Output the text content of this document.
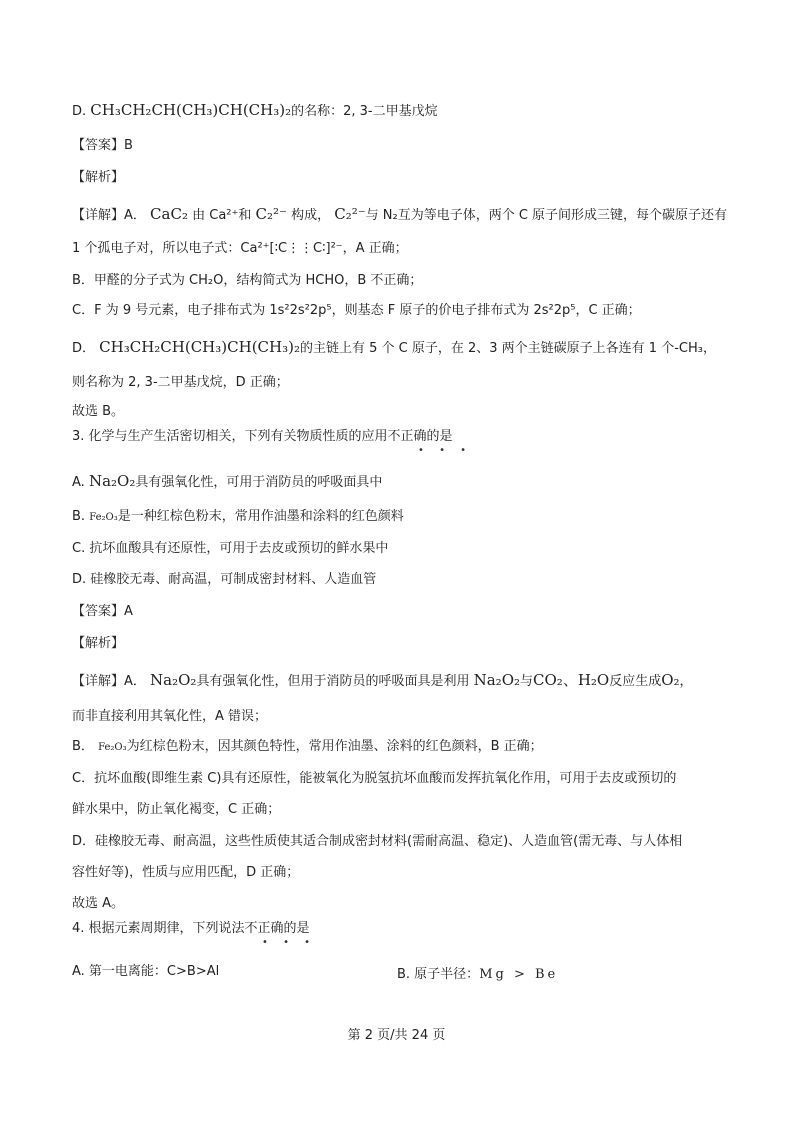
D. CH₃CH₂CH(CH₃)CH(CH₃)₂的名称：2, 3-二甲基戊烷
【答案】B
【解析】
【详解】A． CaC₂ 由 Ca²⁺和 C₂²⁻ 构成， C₂²⁻与 N₂互为等电子体，两个 C 原子间形成三键，每个碳原子还有
1 个孤电子对，所以电子式：Ca²⁺[∶C⋮⋮C∶]²⁻，A 正确；
B．甲醛的分子式为 CH₂O，结构简式为 HCHO，B 不正确；
C．F 为 9 号元素，电子排布式为 1s²2s²2p⁵，则基态 F 原子的价电子排布式为 2s²2p⁵，C 正确；
D． CH₃CH₂CH(CH₃)CH(CH₃)₂的主链上有 5 个 C 原子，在 2、3 两个主链碳原子上各连有 1 个-CH₃，
则名称为 2, 3-二甲基戊烷，D 正确；
故选 B。
3. 化学与生产生活密切相关，下列有关物质性质的应用不正确的是
• • •
A. Na₂O₂具有强氧化性，可用于消防员的呼吸面具中
B. Fe₂O₃是一种红棕色粉末，常用作油墨和涂料的红色颜料
C. 抗坏血酸具有还原性，可用于去皮或预切的鲜水果中
D. 硅橡胶无毒、耐高温，可制成密封材料、人造血管
【答案】A
【解析】
【详解】A． Na₂O₂具有强氧化性，但用于消防员的呼吸面具是利用 Na₂O₂与CO₂、H₂O反应生成O₂，
而非直接利用其氧化性，A 错误；
B． Fe₂O₃为红棕色粉末，因其颜色特性，常用作油墨、涂料的红色颜料，B 正确；
C．抗坏血酸(即维生素 C)具有还原性，能被氧化为脱氢抗坏血酸而发挥抗氧化作用，可用于去皮或预切的
鲜水果中，防止氧化褐变，C 正确；
D．硅橡胶无毒、耐高温，这些性质使其适合制成密封材料(需耐高温、稳定)、人造血管(需无毒、与人体相
容性好等)，性质与应用匹配，D 正确；
故选 A。
4. 根据元素周期律，下列说法不正确的是
• • •
A. 第一电离能：C>B>Al	B. 原子半径：Mg > Be
第 2 页/共 24 页
